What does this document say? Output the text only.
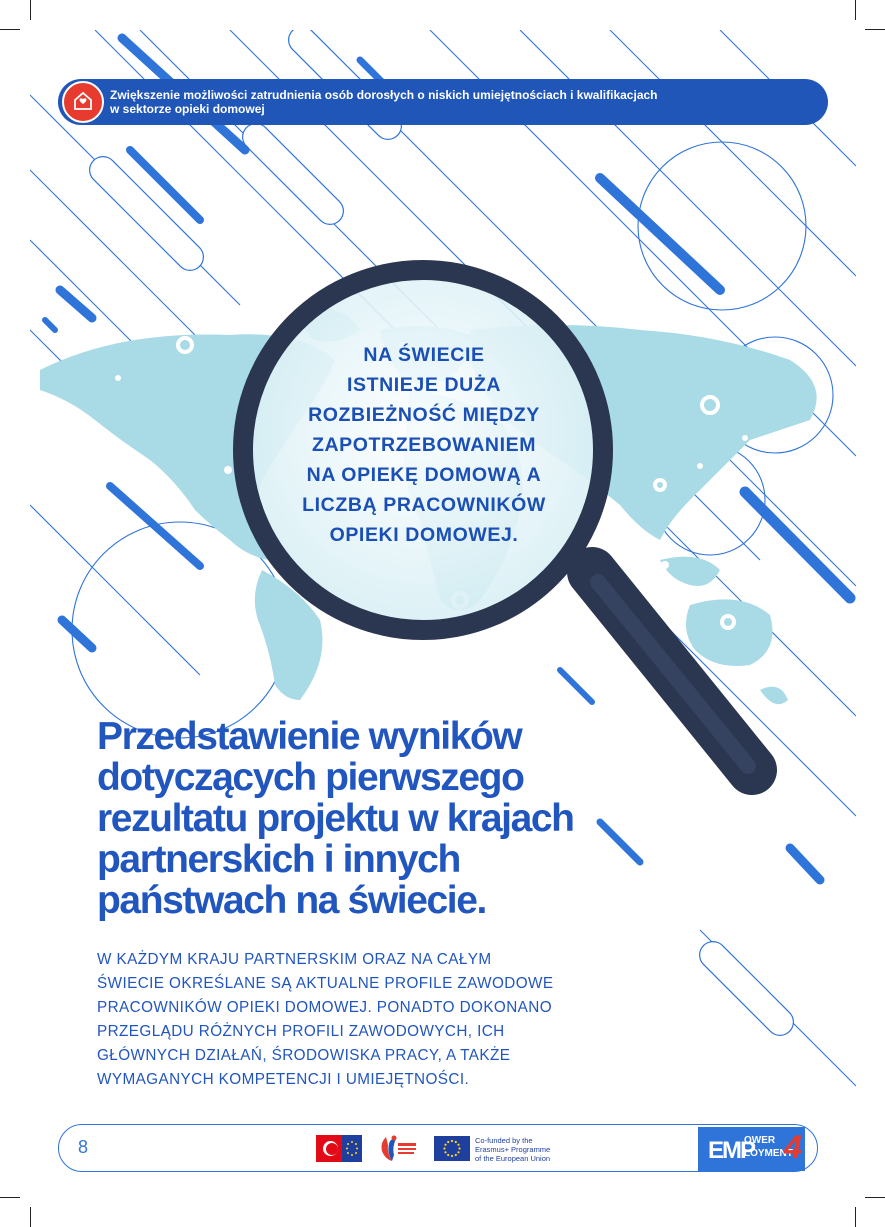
Zwiększenie możliwości zatrudnienia osób dorosłych o niskich umiejętnościach i kwalifikacjach w sektorze opieki domowej
NA ŚWIECIE
ISTNIEJE DUŻA
ROZBIEŻNOŚĆ MIĘDZY
ZAPOTRZEBOWANIEM
NA OPIEKĘ DOMOWĄ A
LICZBĄ PRACOWNIKÓW
OPIEKI DOMOWEJ.
Przedstawienie wyników
dotyczących pierwszego
rezultatu projektu w krajach
partnerskich i innych
państwach na świecie.
W KAŻDYM KRAJU PARTNERSKIM ORAZ NA CAŁYM
ŚWIECIE OKREŚLANE SĄ AKTUALNE PROFILE ZAWODOWE
PRACOWNIKÓW OPIEKI DOMOWEJ. PONADTO DOKONANO
PRZEGLĄDU RÓŻNYCH PROFILI ZAWODOWYCH, ICH
GŁÓWNYCH DZIAŁAŃ, ŚRODOWISKA PRACY, A TAKŻE
WYMAGANYCH KOMPETENCJI I UMIEJĘTNOŚCI.
8	Co-funded by the
Erasmus+ Programme
of the European Union	EMP
OWER
LOYMENT
4
